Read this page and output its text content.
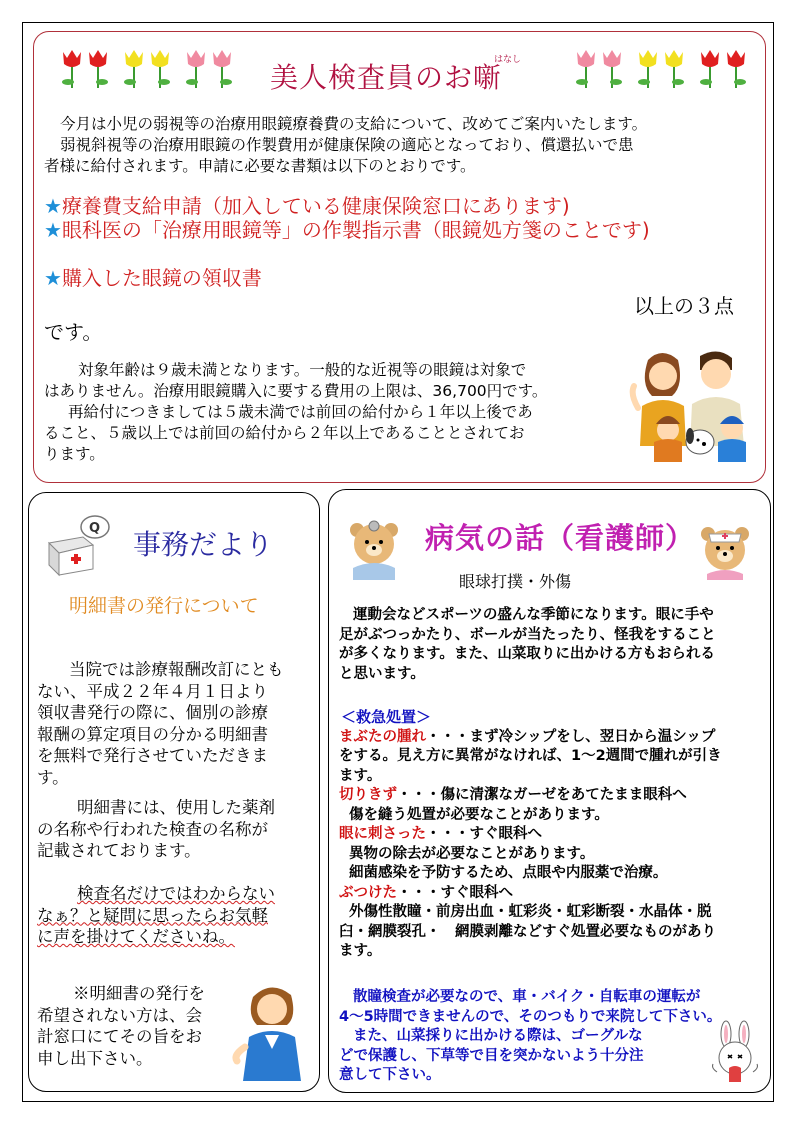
はなし
美人検査員のお噺
今月は小児の弱視等の治療用眼鏡療養費の支給について、改めてご案内いたします。
弱視斜視等の治療用眼鏡の作製費用が健康保険の適応となっており、償還払いで患
者様に給付されます。申請に必要な書類は以下のとおりです。
★療養費支給申請（加入している健康保険窓口にあります)
★眼科医の「治療用眼鏡等」の作製指示書（眼鏡処方箋のことです)
★購入した眼鏡の領収書
以上の３点
です。
対象年齢は９歳未満となります。一般的な近視等の眼鏡は対象で
はありません。治療用眼鏡購入に要する費用の上限は、36,700円です。
再給付につきましては５歳未満では前回の給付から１年以上後であ
ること、５歳以上では前回の給付から２年以上であることとされてお
ります。
Q 事務だより
明細書の発行について
当院では診療報酬改訂にとも
ない、平成２２年４月１日より
領収書発行の際に、個別の診療
報酬の算定項目の分かる明細書
を無料で発行させていただきま
す。
明細書には、使用した薬剤
の名称や行われた検査の名称が
記載されております。
検査名だけではわからない
なぁ？と疑問に思ったらお気軽
に声を掛けてくださいね。
※明細書の発行を
希望されない方は、会
計窓口にてその旨をお
申し出下さい。
病気の話（看護師）
眼球打撲・外傷
運動会などスポーツの盛んな季節になります。眼に手や
足がぶつっかたり、ボールが当たったり、怪我をすること
が多くなります。また、山菜取りに出かける方もおられる
と思います。
＜救急処置＞
まぶたの腫れ・・・まず冷シップをし、翌日から温シップ
をする。見え方に異常がなければ、1～2週間で腫れが引き
ます。
切りきず・・・傷に清潔なガーゼをあてたまま眼科へ
傷を縫う処置が必要なことがあります。
眼に刺さった・・・すぐ眼科へ
異物の除去が必要なことがあります。
細菌感染を予防するため、点眼や内服薬で治療。
ぶつけた・・・すぐ眼科へ
外傷性散瞳・前房出血・虹彩炎・虹彩断裂・水晶体・脱
臼・網膜裂孔・　網膜剥離などすぐ処置必要なものがあり
ます。
散瞳検査が必要なので、車・バイク・自転車の運転が
4～5時間できませんので、そのつもりで来院して下さい。
また、山菜採りに出かける際は、ゴーグルな
どで保護し、下草等で目を突かないよう十分注
意して下さい。
